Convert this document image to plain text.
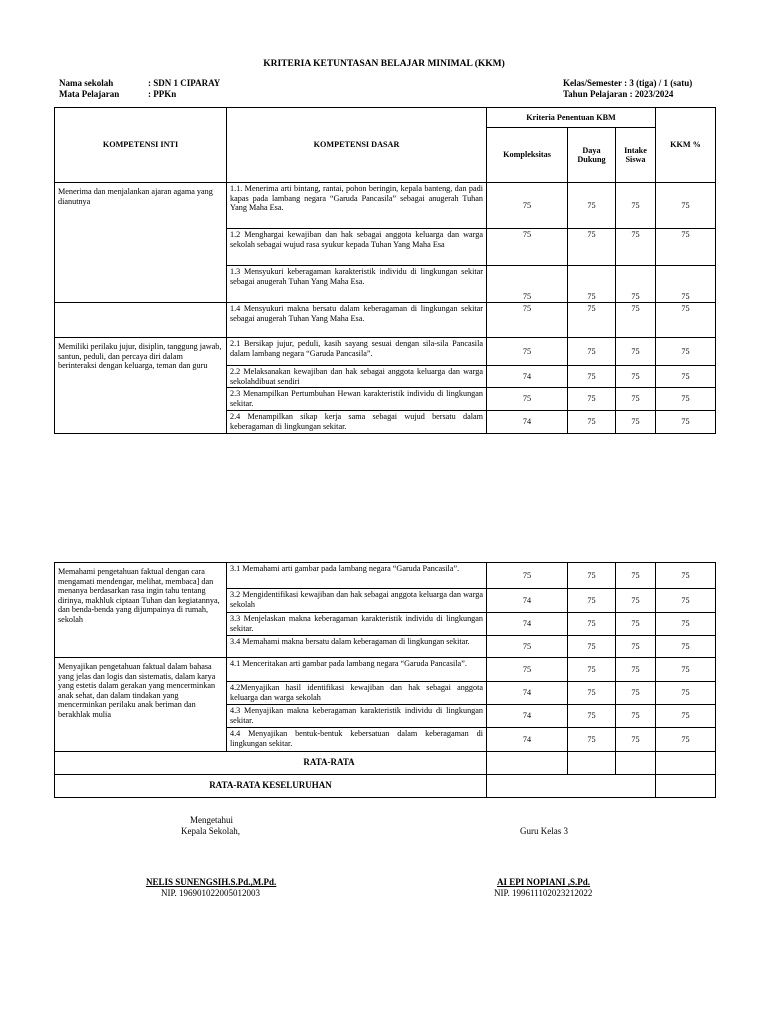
KRITERIA KETUNTASAN BELAJAR MINIMAL (KKM)
Nama sekolah	: SDN 1 CIPARAY
Mata Pelajaran	: PPKn
Kelas/Semester : 3 (tiga) / 1 (satu)
Tahun Pelajaran : 2023/2024
KOMPETENSI INTI	KOMPETENSI DASAR	Kriteria Penentuan KBM			KKM %
		Kompleksitas	Daya Dukung	Intake Siswa	
Menerima dan menjalankan ajaran agama yang dianutnya	1.1. Menerima arti bintang, rantai, pohon beringin, kepala banteng, dan padi kapas pada lambang negara “Garuda Pancasila” sebagai anugerah Tuhan Yang Maha Esa.	75	75	75	75
	1.2 Menghargai kewajiban dan hak sebagai anggota keluarga dan warga sekolah sebagai wujud rasa syukur kepada Tuhan Yang Maha Esa	75	75	75	75
	1.3 Mensyukuri keberagaman karakteristik individu di lingkungan sekitar sebagai anugerah Tuhan Yang Maha Esa.	75	75	75	75
	1.4 Mensyukuri makna bersatu dalam keberagaman di lingkungan sekitar sebagai anugerah Tuhan Yang Maha Esa.	75	75	75	75
Memiliki perilaku jujur, disiplin, tanggung jawab, santun, peduli, dan percaya diri dalam berinteraksi dengan keluarga, teman dan guru	2.1 Bersikap jujur, peduli, kasih sayang sesuai dengan sila-sila Pancasila dalam lambang negara “Garuda Pancasila”.	75	75	75	75
	2.2 Melaksanakan kewajiban dan hak sebagai anggota keluarga dan warga sekolahdibuat sendiri	74	75	75	75
	2.3 Menampilkan Pertumbuhan Hewan karakteristik individu di lingkungan sekitar.	75	75	75	75
	2.4 Menampilkan sikap kerja sama sebagai wujud bersatu dalam keberagaman di lingkungan sekitar.	74	75	75	75
Memahami pengetahuan faktual dengan cara mengamati mendengar, melihat, membaca] dan menanya berdasarkan rasa ingin tahu tentang dirinya, makhluk ciptaan Tuhan dan kegiatannya, dan benda-benda yang dijumpainya di rumah, sekolah	3.1 Memahami arti gambar pada lambang negara “Garuda Pancasila”.	75	75	75	75
	3.2 Mengidentifikasi kewajiban dan hak sebagai anggota keluarga dan warga sekolah	74	75	75	75
	3.3 Menjelaskan makna keberagaman karakteristik individu di lingkungan sekitar.	74	75	75	75
	3.4 Memahami makna bersatu dalam keberagaman di lingkungan sekitar.	75	75	75	75
Menyajikan pengetahuan faktual dalam bahasa yang jelas dan logis dan sistematis, dalam karya yang estetis dalam gerakan yang mencerminkan anak sehat, dan dalam tindakan yang mencerminkan perilaku anak beriman dan berakhlak mulia	4.1 Menceritakan arti gambar pada lambang negara “Garuda Pancasila”.	75	75	75	75
	4.2Menyajikan hasil identifikasi kewajiban dan hak sebagai anggota keluarga dan warga sekolah	74	75	75	75
	4.3 Menyajikan makna keberagaman karakteristik individu di lingkungan sekitar.	74	75	75	75
	4.4 Menyajikan bentuk-bentuk kebersatuan dalam keberagaman di lingkungan sekitar.	74	75	75	75
RATA-RATA					
RATA-RATA KESELURUHAN					
Mengetahui
Kepala Sekolah,	Guru Kelas 3
NELIS SUNENGSIH.S.Pd.,M.Pd.
NIP. 196901022005012003
AI EPI NOPIANI ,S.Pd.
NIP. 199611102023212022
